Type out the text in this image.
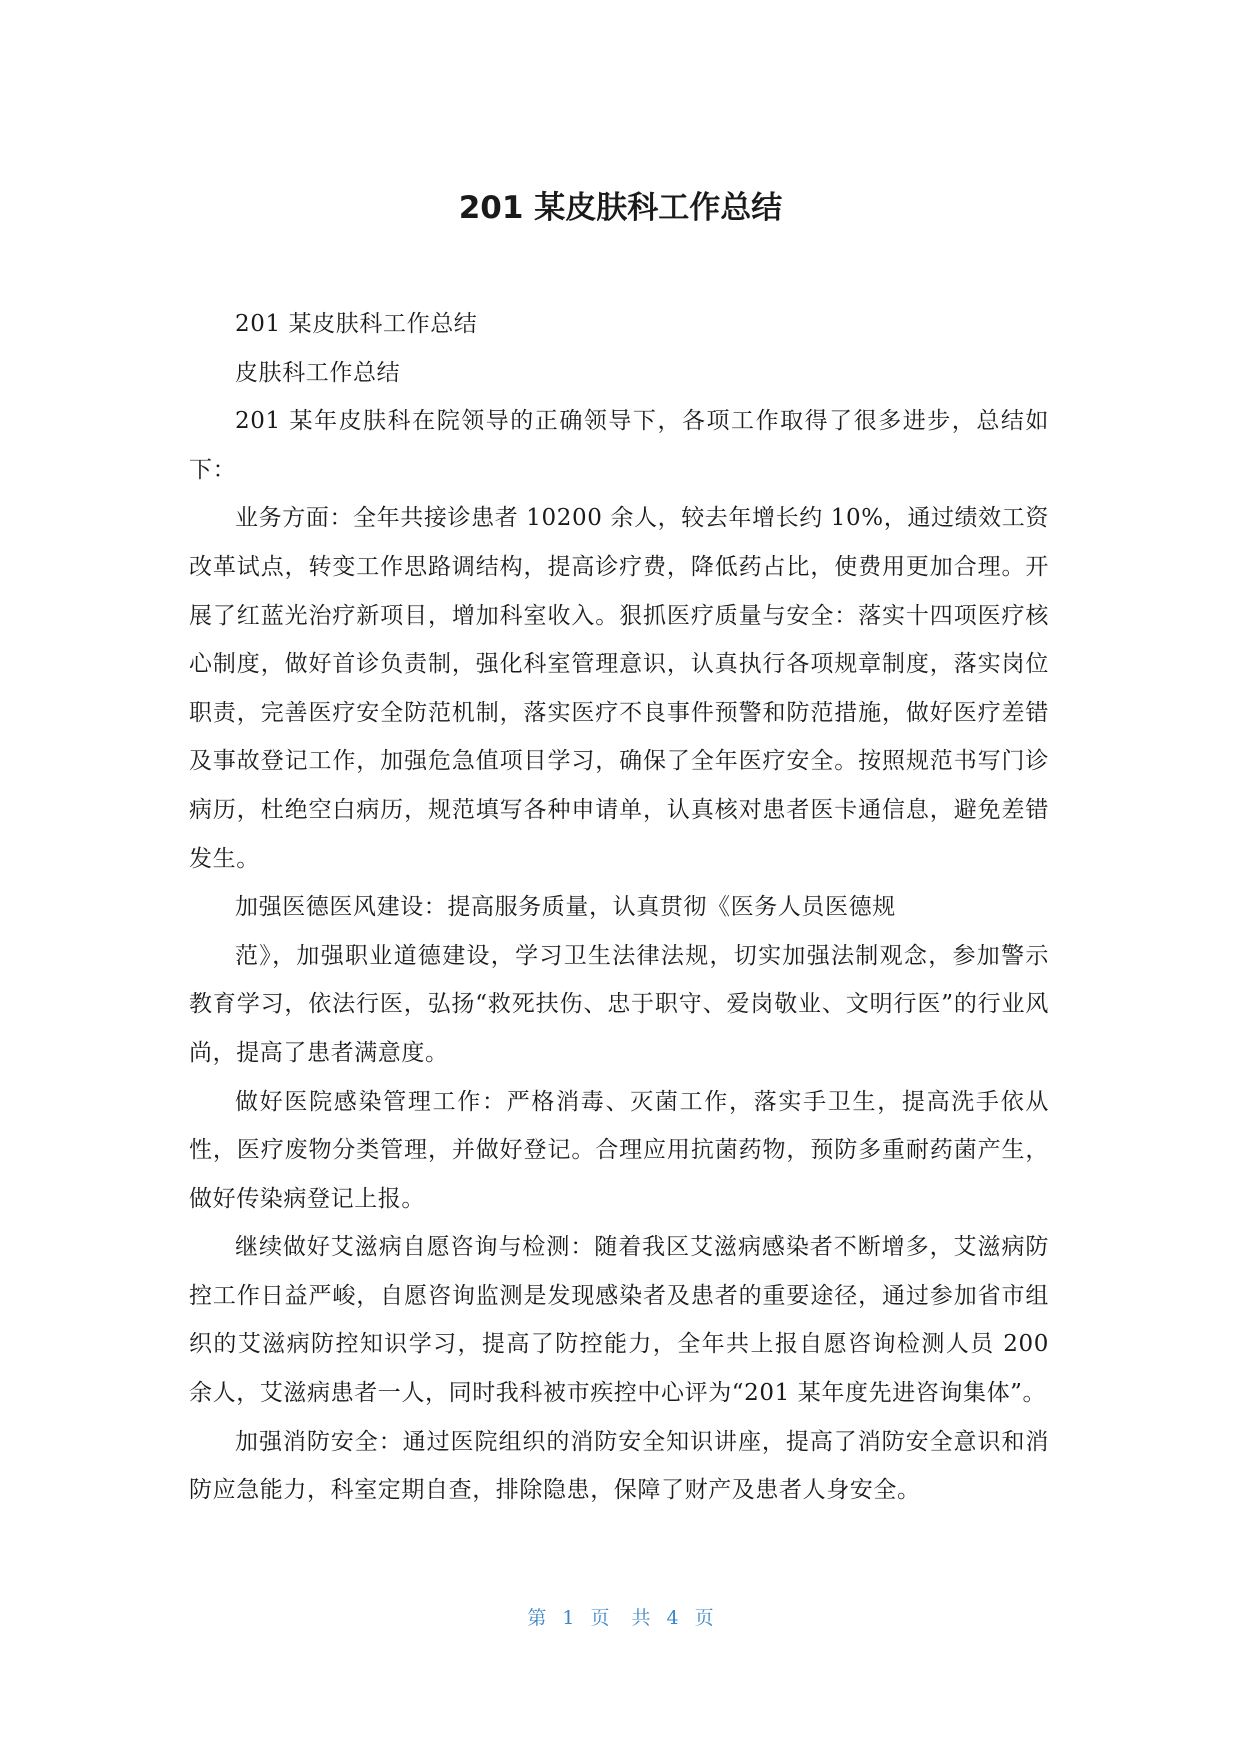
201 某皮肤科工作总结

201 某皮肤科工作总结

皮肤科工作总结

201 某年皮肤科在院领导的正确领导下，各项工作取得了很多进步，总结如下：

业务方面：全年共接诊患者 10200 余人，较去年增长约 10%，通过绩效工资改革试点，转变工作思路调结构，提高诊疗费，降低药占比，使费用更加合理。开展了红蓝光治疗新项目，增加科室收入。狠抓医疗质量与安全：落实十四项医疗核心制度，做好首诊负责制，强化科室管理意识，认真执行各项规章制度，落实岗位职责，完善医疗安全防范机制，落实医疗不良事件预警和防范措施，做好医疗差错及事故登记工作，加强危急值项目学习，确保了全年医疗安全。按照规范书写门诊病历，杜绝空白病历，规范填写各种申请单，认真核对患者医卡通信息，避免差错发生。

加强医德医风建设：提高服务质量，认真贯彻《医务人员医德规

范》，加强职业道德建设，学习卫生法律法规，切实加强法制观念，参加警示教育学习，依法行医，弘扬“救死扶伤、忠于职守、爱岗敬业、文明行医”的行业风尚，提高了患者满意度。

做好医院感染管理工作：严格消毒、灭菌工作，落实手卫生，提高洗手依从性，医疗废物分类管理，并做好登记。合理应用抗菌药物，预防多重耐药菌产生，做好传染病登记上报。

继续做好艾滋病自愿咨询与检测：随着我区艾滋病感染者不断增多，艾滋病防控工作日益严峻，自愿咨询监测是发现感染者及患者的重要途径，通过参加省市组织的艾滋病防控知识学习，提高了防控能力，全年共上报自愿咨询检测人员 200 余人，艾滋病患者一人，同时我科被市疾控中心评为“201 某年度先进咨询集体”。

加强消防安全：通过医院组织的消防安全知识讲座，提高了消防安全意识和消防应急能力，科室定期自查，排除隐患，保障了财产及患者人身安全。

第 1 页 共 4 页
